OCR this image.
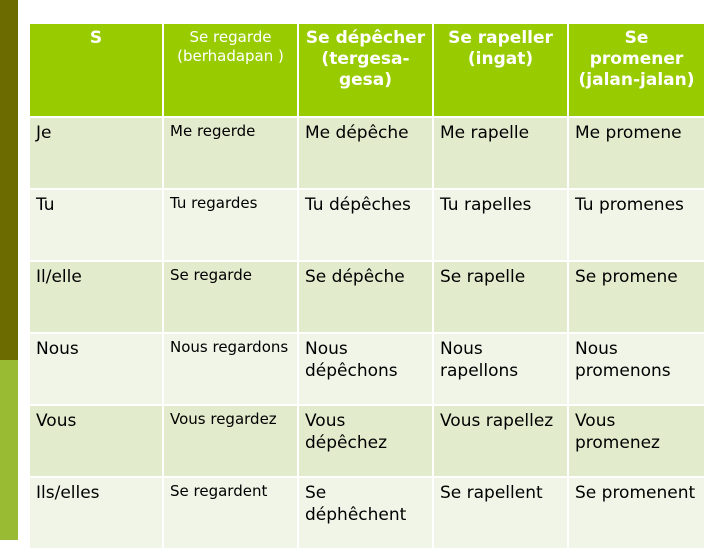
S	Se regarde (berhadapan )	Se dépêcher (tergesa-gesa)	Se rapeller (ingat)	Se promener (jalan-jalan)
Je	Me regerde	Me dépêche	Me rapelle	Me promene
Tu	Tu regardes	Tu dépêches	Tu rapelles	Tu promenes
Il/elle	Se regarde	Se dépêche	Se rapelle	Se promene
Nous	Nous regardons	Nous dépêchons	Nous rapellons	Nous promenons
Vous	Vous regardez	Vous dépêchez	Vous rapellez	Vous promenez
Ils/elles	Se regardent	Se déphêchent	Se rapellent	Se promenent
